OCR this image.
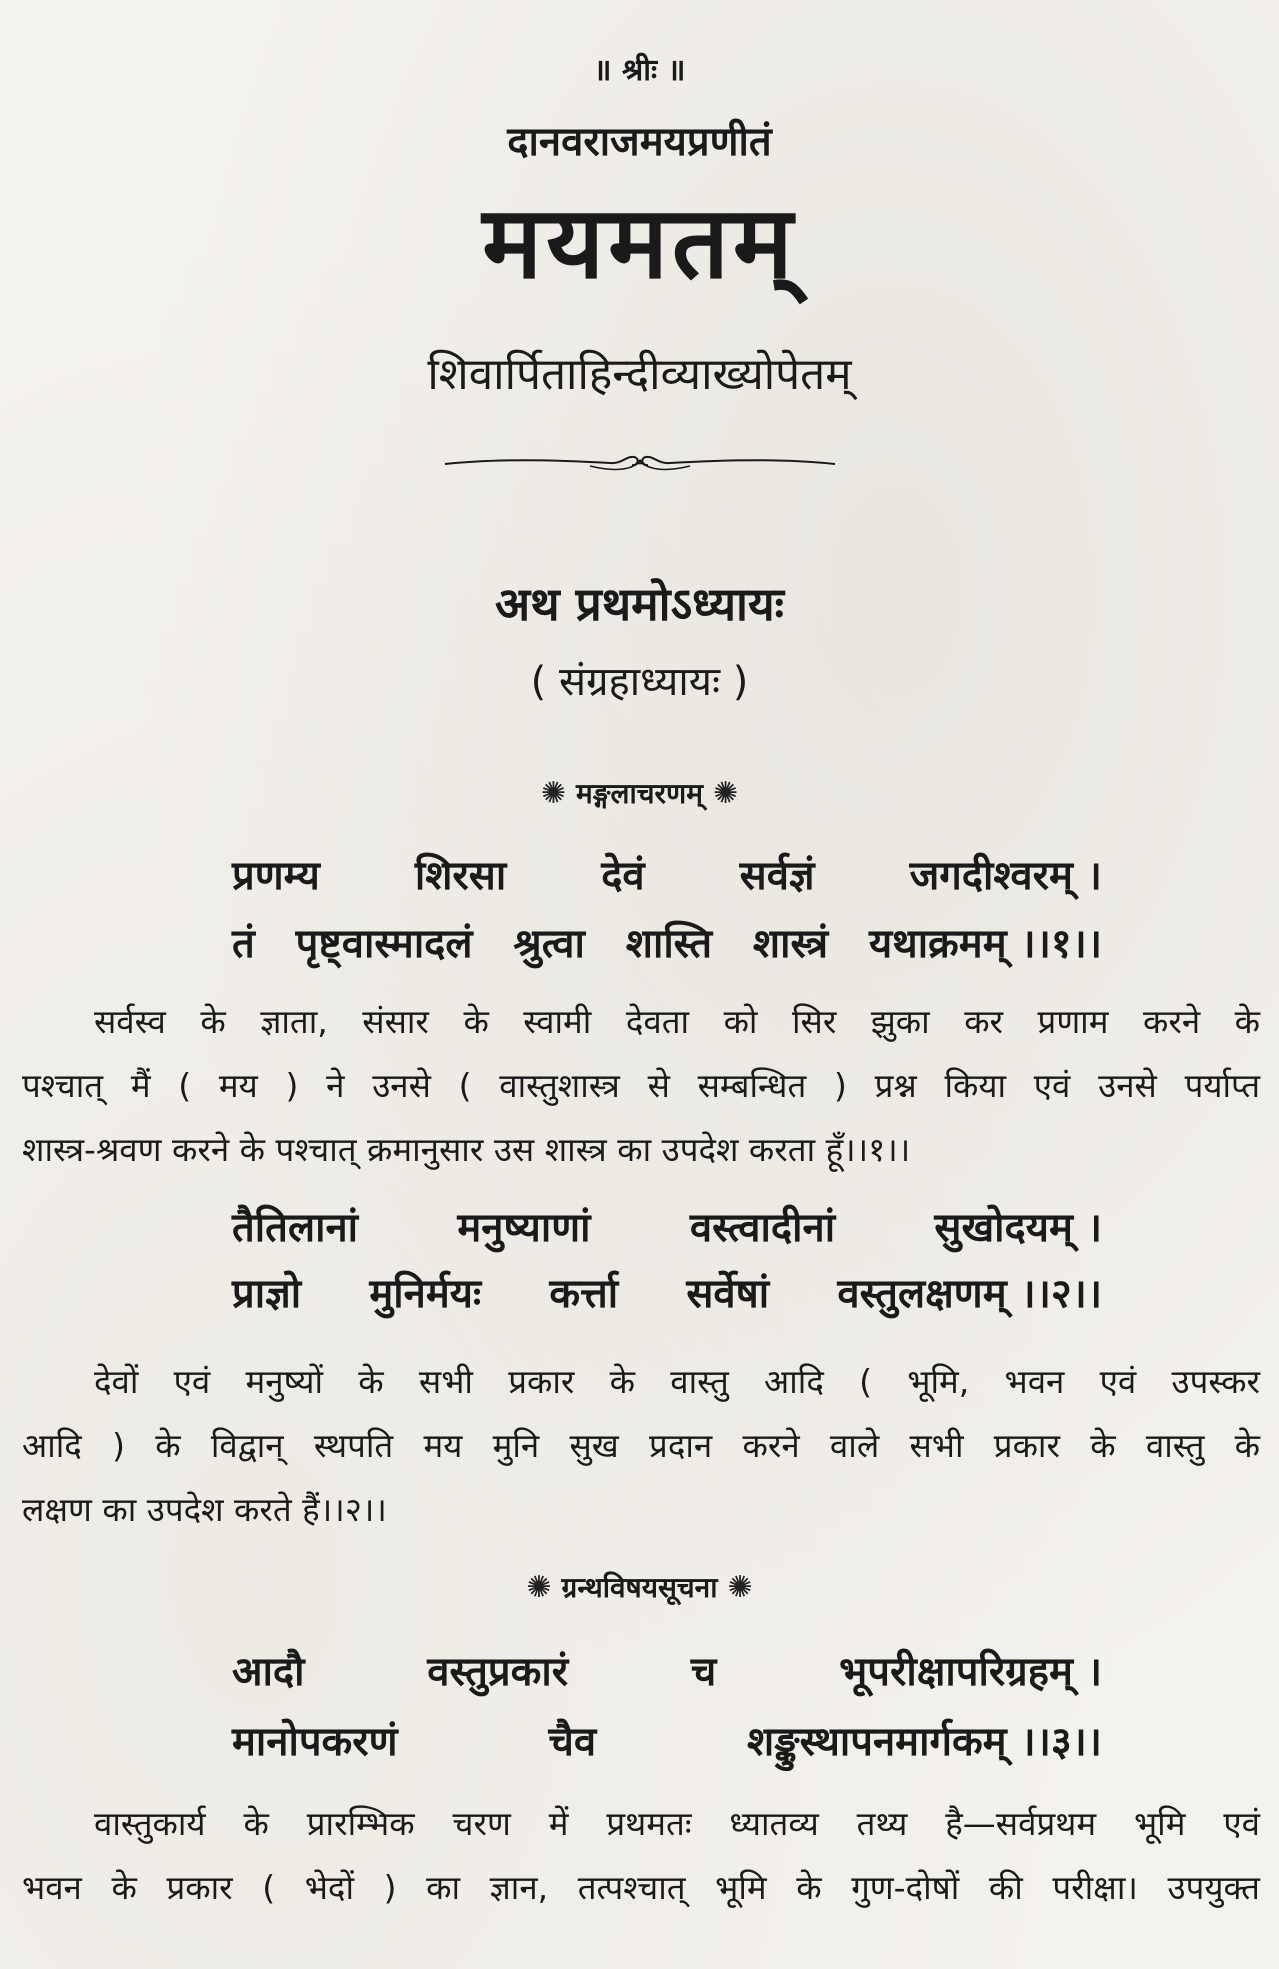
॥ श्रीः ॥
दानवराजमयप्रणीतं
मयमतम्
शिवार्पिताहिन्दीव्याख्योपेतम्
अथ प्रथमोऽध्यायः
( संग्रहाध्यायः )
✺ मङ्गलाचरणम् ✺
प्रणम्य शिरसा देवं सर्वज्ञं जगदीश्वरम् ।
तं पृष्ट्वास्मादलं श्रुत्वा शास्ति शास्त्रं यथाक्रमम् ।।१।।
सर्वस्व के ज्ञाता, संसार के स्वामी देवता को सिर झुका कर प्रणाम करने के
पश्चात् मैं ( मय ) ने उनसे ( वास्तुशास्त्र से सम्बन्धित ) प्रश्न किया एवं उनसे पर्याप्त
शास्त्र-श्रवण करने के पश्चात् क्रमानुसार उस शास्त्र का उपदेश करता हूँ।।१।।
तैतिलानां मनुष्याणां वस्त्वादीनां सुखोदयम् ।
प्राज्ञो मुनिर्मयः कर्त्ता सर्वेषां वस्तुलक्षणम् ।।२।।
देवों एवं मनुष्यों के सभी प्रकार के वास्तु आदि ( भूमि, भवन एवं उपस्कर
आदि ) के विद्वान् स्थपति मय मुनि सुख प्रदान करने वाले सभी प्रकार के वास्तु के
लक्षण का उपदेश करते हैं।।२।।
✺ ग्रन्थविषयसूचना ✺
आदौ	वस्तुप्रकारं	च	भूपरीक्षापरिग्रहम् ।
मानोपकरणं	चैव	शङ्कुस्थापनमार्गकम् ।।३।।
वास्तुकार्य के प्रारम्भिक चरण में प्रथमतः ध्यातव्य तथ्य है—सर्वप्रथम भूमि एवं
भवन के प्रकार ( भेदों ) का ज्ञान, तत्पश्चात् भूमि के गुण-दोषों की परीक्षा। उपयुक्त
